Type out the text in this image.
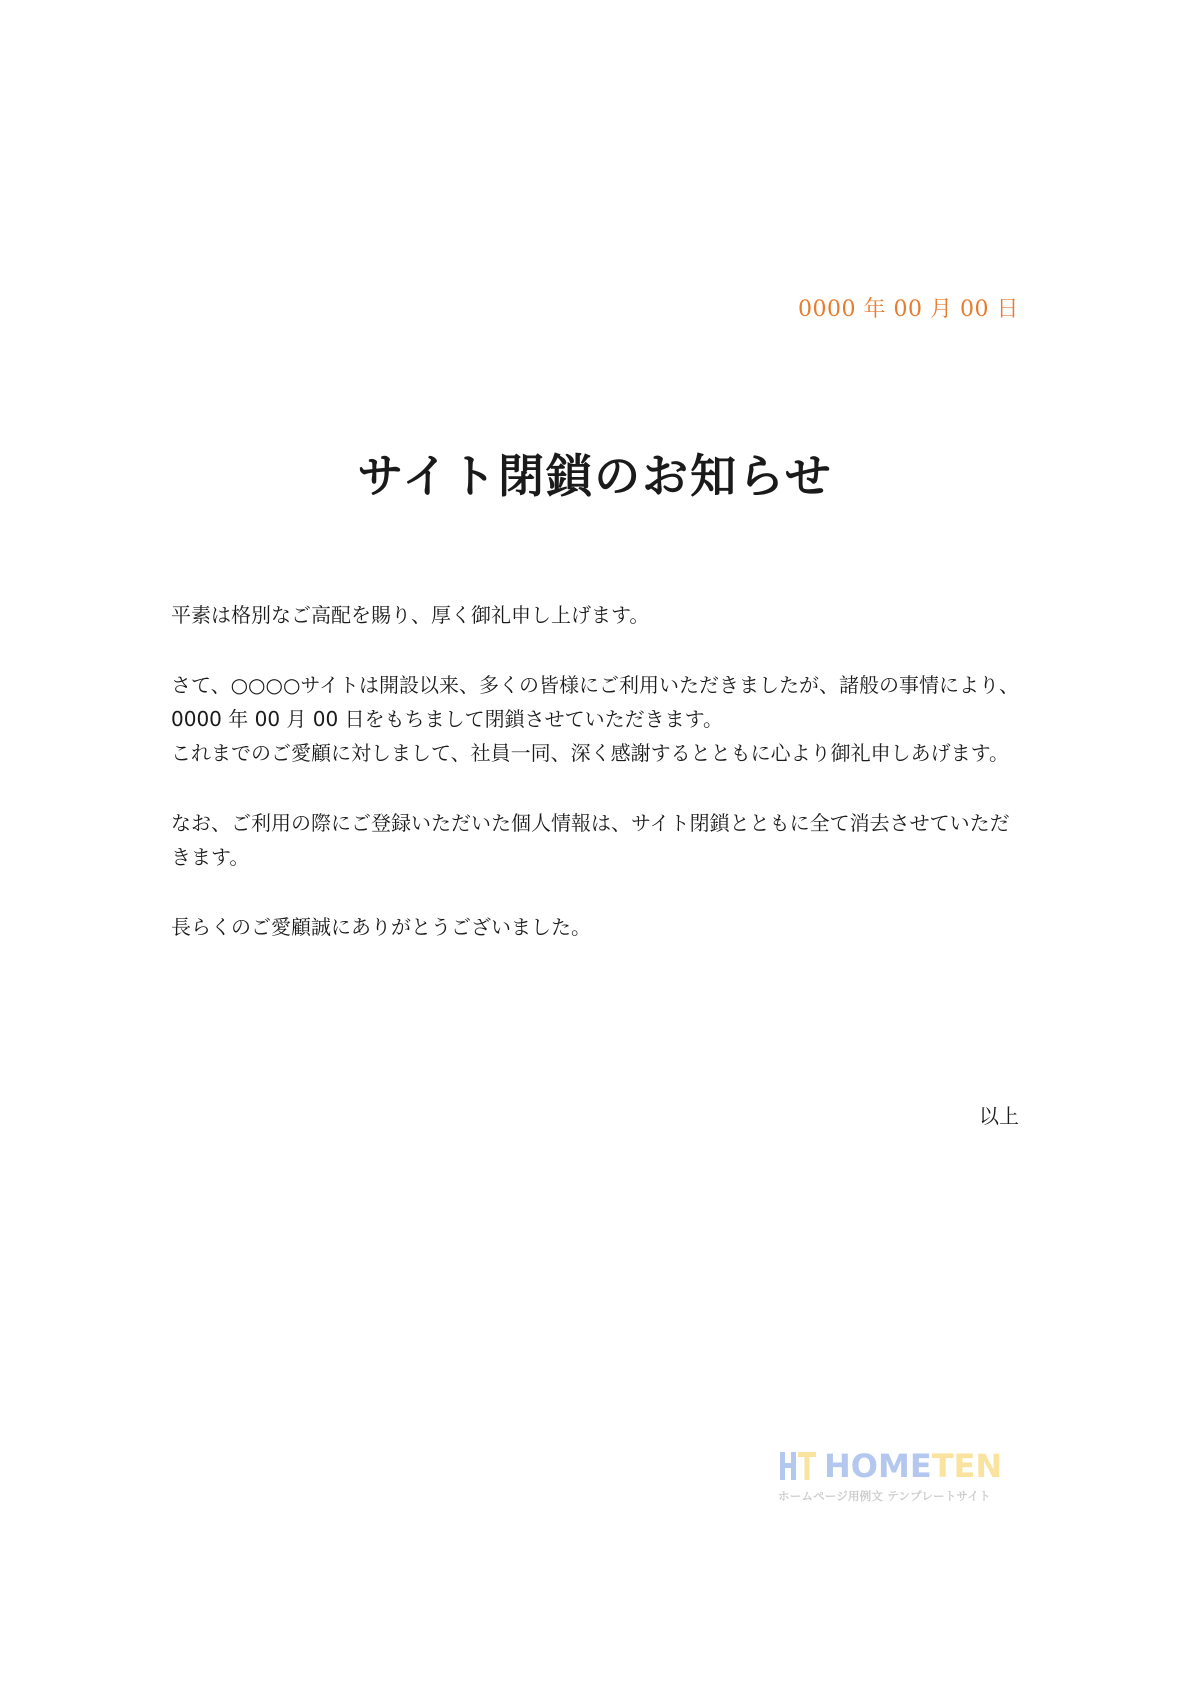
0000 年 00 月 00 日
サイト閉鎖のお知らせ

平素は格別なご高配を賜り、厚く御礼申し上げます。

さて、○○○○サイトは開設以来、多くの皆様にご利用いただきましたが、諸般の事情により、0000 年 00 月 00 日をもちまして閉鎖させていただきます。
これまでのご愛顧に対しまして、社員一同、深く感謝するとともに心より御礼申しあげます。

なお、ご利用の際にご登録いただいた個人情報は、サイト閉鎖とともに全て消去させていただきます。

長らくのご愛顧誠にありがとうございました。

以上
HOMETEN
ホームページ用例文 テンプレートサイト
